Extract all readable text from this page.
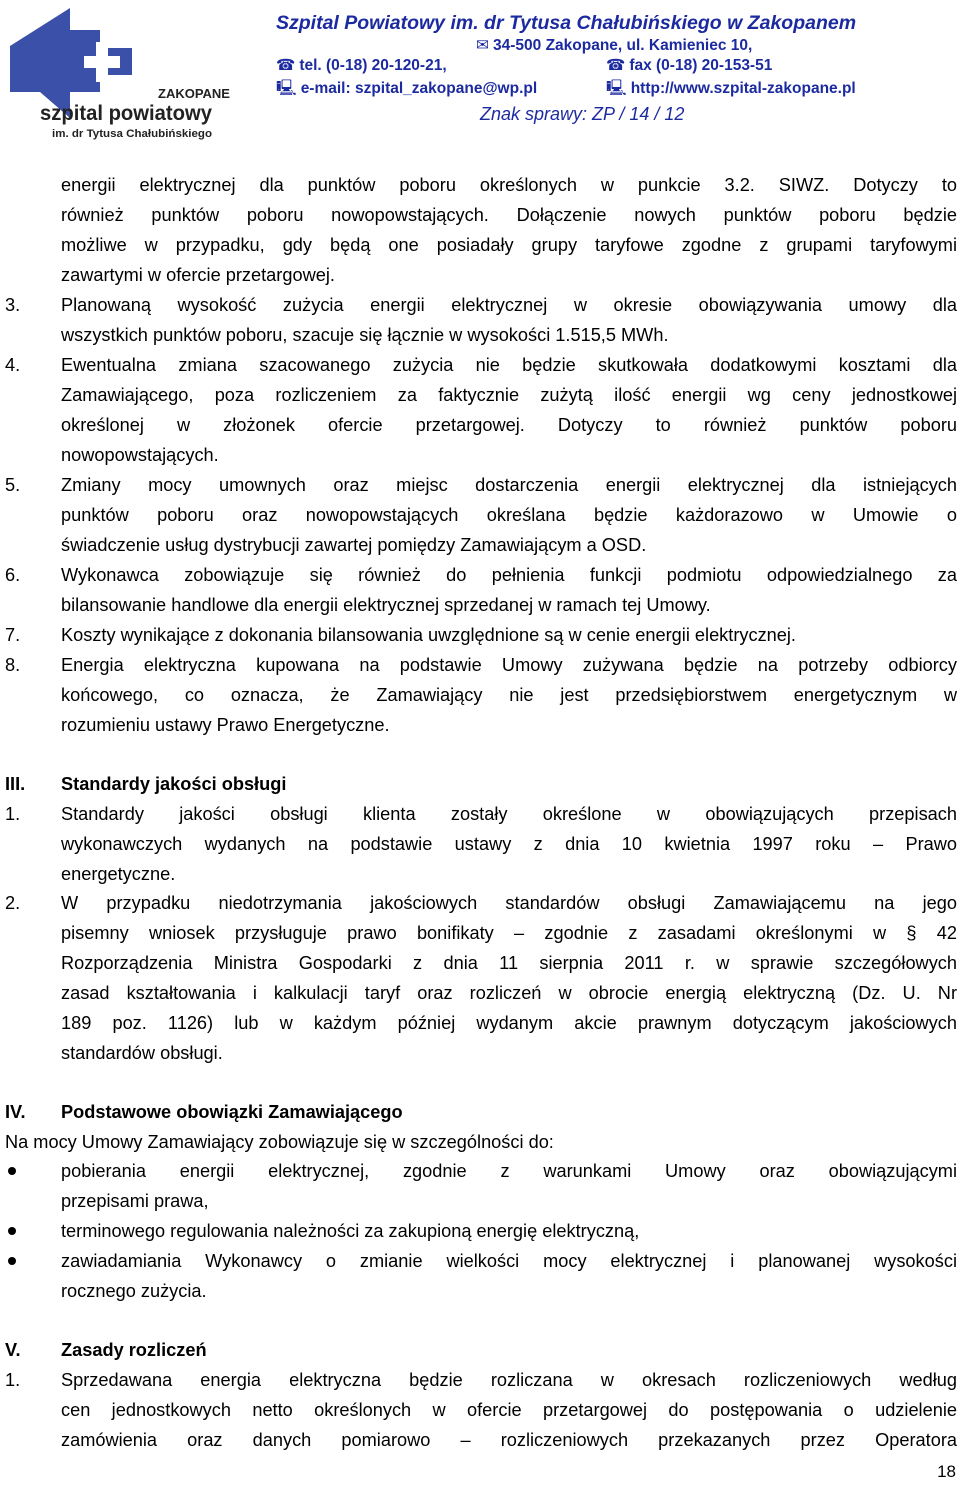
ZAKOPANE
szpital powiatowy
im. dr Tytusa Chałubińskiego
Szpital Powiatowy im. dr Tytusa Chałubińskiego w Zakopanem
✉ 34-500 Zakopane, ul. Kamieniec 10,
☎ tel. (0-18) 20-120-21,	☎ fax (0-18) 20-153-51
🖳 e-mail: szpital_zakopane@wp.pl	🖳 http://www.szpital-zakopane.pl
Znak sprawy: ZP / 14 / 12
energii elektrycznej dla punktów poboru określonych w punkcie 3.2. SIWZ. Dotyczy to
również punktów poboru nowopowstających. Dołączenie nowych punktów poboru będzie
możliwe w przypadku, gdy będą one posiadały grupy taryfowe zgodne z grupami taryfowymi
zawartymi w ofercie przetargowej.
3. Planowaną wysokość zużycia energii elektrycznej w okresie obowiązywania umowy dla
wszystkich punktów poboru, szacuje się łącznie w wysokości 1.515,5 MWh.
4. Ewentualna zmiana szacowanego zużycia nie będzie skutkowała dodatkowymi kosztami dla
Zamawiającego, poza rozliczeniem za faktycznie zużytą ilość energii wg ceny jednostkowej
określonej w złożonek ofercie przetargowej. Dotyczy to również punktów poboru
nowopowstających.
5. Zmiany mocy umownych oraz miejsc dostarczenia energii elektrycznej dla istniejących
punktów poboru oraz nowopowstających określana będzie każdorazowo w Umowie o
świadczenie usług dystrybucji zawartej pomiędzy Zamawiającym a OSD.
6. Wykonawca zobowiązuje się również do pełnienia funkcji podmiotu odpowiedzialnego za
bilansowanie handlowe dla energii elektrycznej sprzedanej w ramach tej Umowy.
7. Koszty wynikające z dokonania bilansowania uwzględnione są w cenie energii elektrycznej.
8. Energia elektryczna kupowana na podstawie Umowy zużywana będzie na potrzeby odbiorcy
końcowego, co oznacza, że Zamawiający nie jest przedsiębiorstwem energetycznym w
rozumieniu ustawy Prawo Energetyczne.
III. Standardy jakości obsługi
1. Standardy jakości obsługi klienta zostały określone w obowiązujących przepisach
wykonawczych wydanych na podstawie ustawy z dnia 10 kwietnia 1997 roku – Prawo
energetyczne.
2. W przypadku niedotrzymania jakościowych standardów obsługi Zamawiającemu na jego
pisemny wniosek przysługuje prawo bonifikaty – zgodnie z zasadami określonymi w § 42
Rozporządzenia Ministra Gospodarki z dnia 11 sierpnia 2011 r. w sprawie szczegółowych
zasad kształtowania i kalkulacji taryf oraz rozliczeń w obrocie energią elektryczną (Dz. U. Nr
189 poz. 1126) lub w każdym później wydanym akcie prawnym dotyczącym jakościowych
standardów obsługi.
IV. Podstawowe obowiązki Zamawiającego
Na mocy Umowy Zamawiający zobowiązuje się w szczególności do:
pobierania energii elektrycznej, zgodnie z warunkami Umowy oraz obowiązującymi
przepisami prawa,
terminowego regulowania należności za zakupioną energię elektryczną,
zawiadamiania Wykonawcy o zmianie wielkości mocy elektrycznej i planowanej wysokości
rocznego zużycia.
V. Zasady rozliczeń
1. Sprzedawana energia elektryczna będzie rozliczana w okresach rozliczeniowych według
cen jednostkowych netto określonych w ofercie przetargowej do postępowania o udzielenie
zamówienia oraz danych pomiarowo – rozliczeniowych przekazanych przez Operatora
18
